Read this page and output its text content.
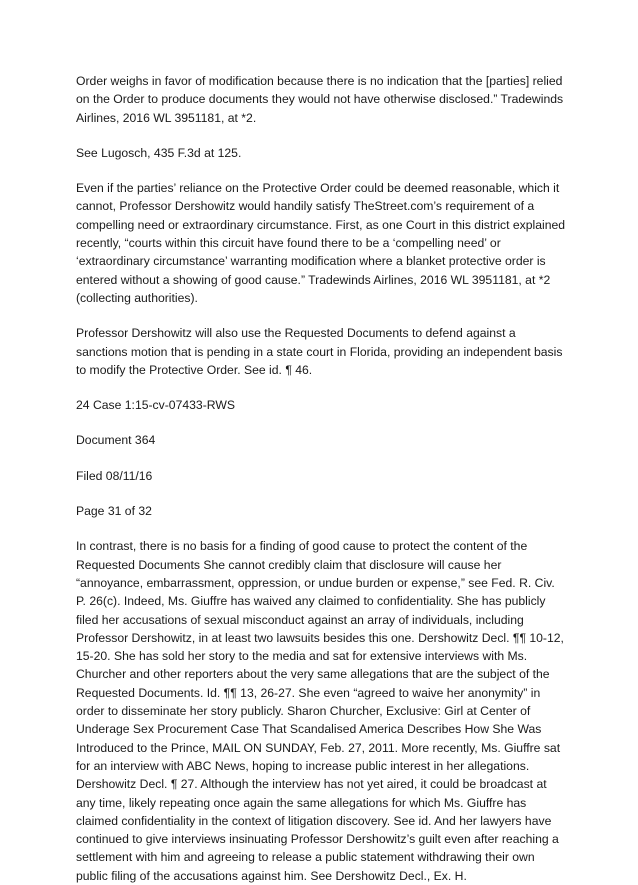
Order weighs in favor of modification because there is no indication that the [parties] relied on the Order to produce documents they would not have otherwise disclosed.” Tradewinds Airlines, 2016 WL 3951181, at *2.

See Lugosch, 435 F.3d at 125.

Even if the parties’ reliance on the Protective Order could be deemed reasonable, which it cannot, Professor Dershowitz would handily satisfy TheStreet.com’s requirement of a compelling need or extraordinary circumstance. First, as one Court in this district explained recently, “courts within this circuit have found there to be a ‘compelling need’ or ‘extraordinary circumstance’ warranting modification where a blanket protective order is entered without a showing of good cause.” Tradewinds Airlines, 2016 WL 3951181, at *2 (collecting authorities).

Professor Dershowitz will also use the Requested Documents to defend against a sanctions motion that is pending in a state court in Florida, providing an independent basis to modify the Protective Order. See id. ¶ 46.

24 Case 1:15-cv-07433-RWS

Document 364

Filed 08/11/16

Page 31 of 32

In contrast, there is no basis for a finding of good cause to protect the content of the Requested Documents She cannot credibly claim that disclosure will cause her “annoyance, embarrassment, oppression, or undue burden or expense,” see Fed. R. Civ. P. 26(c). Indeed, Ms. Giuffre has waived any claimed to confidentiality. She has publicly filed her accusations of sexual misconduct against an array of individuals, including Professor Dershowitz, in at least two lawsuits besides this one. Dershowitz Decl. ¶¶ 10-12, 15-20. She has sold her story to the media and sat for extensive interviews with Ms. Churcher and other reporters about the very same allegations that are the subject of the Requested Documents. Id. ¶¶ 13, 26-27. She even “agreed to waive her anonymity” in order to disseminate her story publicly. Sharon Churcher, Exclusive: Girl at Center of Underage Sex Procurement Case That Scandalised America Describes How She Was Introduced to the Prince, MAIL ON SUNDAY, Feb. 27, 2011. More recently, Ms. Giuffre sat for an interview with ABC News, hoping to increase public interest in her allegations. Dershowitz Decl. ¶ 27. Although the interview has not yet aired, it could be broadcast at any time, likely repeating once again the same allegations for which Ms. Giuffre has claimed confidentiality in the context of litigation discovery. See id. And her lawyers have continued to give interviews insinuating Professor Dershowitz’s guilt even after reaching a settlement with him and agreeing to release a public statement withdrawing their own public filing of the accusations against him. See Dershowitz Decl., Ex. H.
